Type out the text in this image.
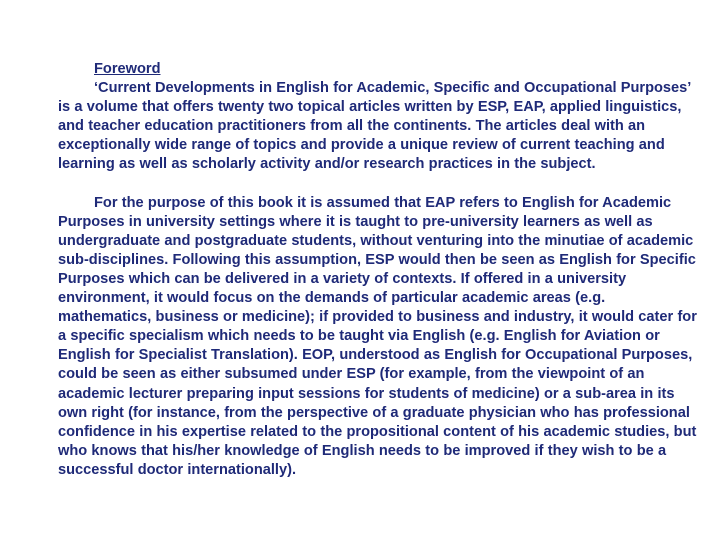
Foreword

‘Current Developments in English for Academic, Specific and Occupational Purposes’ is a volume that offers twenty two topical articles written by ESP, EAP, applied linguistics, and teacher education practitioners from all the continents. The articles deal with an exceptionally wide range of topics and provide a unique review of current teaching and learning as well as scholarly activity and/or research practices in the subject.

For the purpose of this book it is assumed that EAP refers to English for Academic Purposes in university settings where it is taught to pre-university learners as well as undergraduate and postgraduate students, without venturing into the minutiae of academic sub-disciplines. Following this assumption, ESP would then be seen as English for Specific Purposes which can be delivered in a variety of contexts. If offered in a university environment, it would focus on the demands of particular academic areas (e.g. mathematics, business or medicine); if provided to business and industry, it would cater for a specific specialism which needs to be taught via English (e.g. English for Aviation or English for Specialist Translation). EOP, understood as English for Occupational Purposes, could be seen as either subsumed under ESP (for example, from the viewpoint of an academic lecturer preparing input sessions for students of medicine) or a sub-area in its own right (for instance, from the perspective of a graduate physician who has professional confidence in his expertise related to the propositional content of his academic studies, but who knows that his/her knowledge of English needs to be improved if they wish to be a successful doctor internationally).
